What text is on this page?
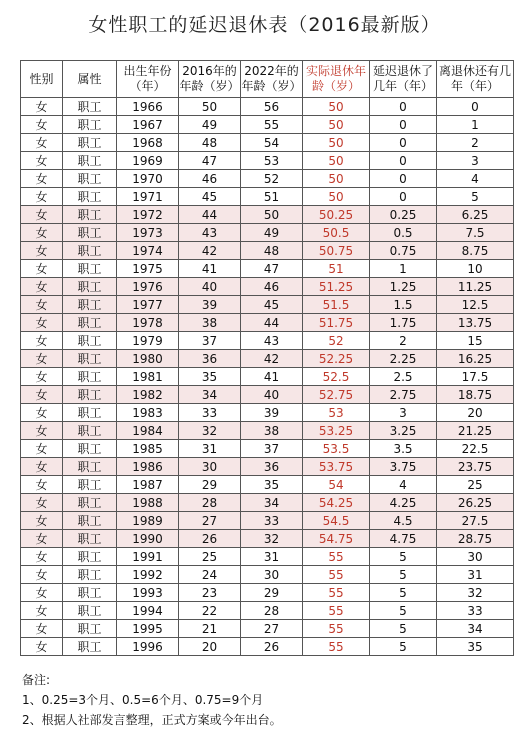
女性职工的延迟退休表（2016最新版）
性别	属性	出生年份（年）	2016年的年龄（岁）	2022年的年龄（岁）	实际退休年龄（岁）	延迟退休了几年（年）	离退休还有几年（年）
女	职工	1966	50	56	50	0	0
女	职工	1967	49	55	50	0	1
女	职工	1968	48	54	50	0	2
女	职工	1969	47	53	50	0	3
女	职工	1970	46	52	50	0	4
女	职工	1971	45	51	50	0	5
女	职工	1972	44	50	50.25	0.25	6.25
女	职工	1973	43	49	50.5	0.5	7.5
女	职工	1974	42	48	50.75	0.75	8.75
女	职工	1975	41	47	51	1	10
女	职工	1976	40	46	51.25	1.25	11.25
女	职工	1977	39	45	51.5	1.5	12.5
女	职工	1978	38	44	51.75	1.75	13.75
女	职工	1979	37	43	52	2	15
女	职工	1980	36	42	52.25	2.25	16.25
女	职工	1981	35	41	52.5	2.5	17.5
女	职工	1982	34	40	52.75	2.75	18.75
女	职工	1983	33	39	53	3	20
女	职工	1984	32	38	53.25	3.25	21.25
女	职工	1985	31	37	53.5	3.5	22.5
女	职工	1986	30	36	53.75	3.75	23.75
女	职工	1987	29	35	54	4	25
女	职工	1988	28	34	54.25	4.25	26.25
女	职工	1989	27	33	54.5	4.5	27.5
女	职工	1990	26	32	54.75	4.75	28.75
女	职工	1991	25	31	55	5	30
女	职工	1992	24	30	55	5	31
女	职工	1993	23	29	55	5	32
女	职工	1994	22	28	55	5	33
女	职工	1995	21	27	55	5	34
女	职工	1996	20	26	55	5	35
备注:
1、0.25=3个月、0.5=6个月、0.75=9个月
2、根据人社部发言整理，正式方案或今年出台。
